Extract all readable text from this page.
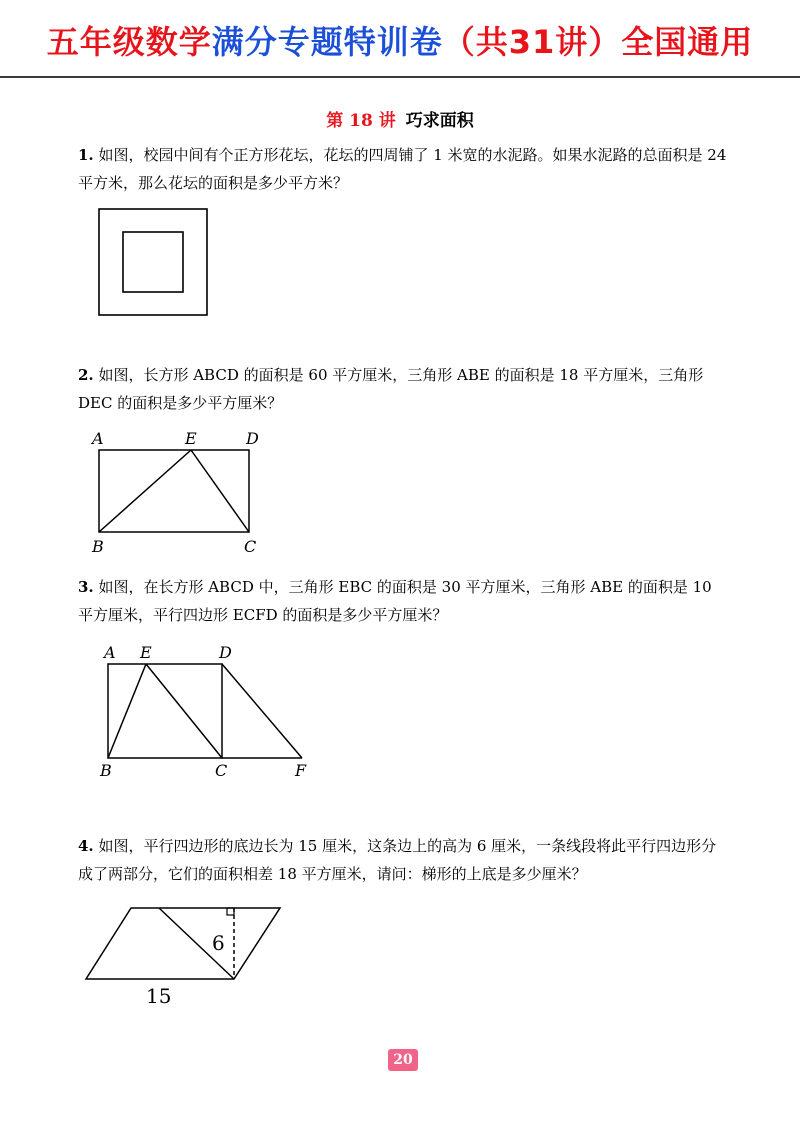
五年级数学满分专题特训卷（共31讲）全国通用
第 18 讲 巧求面积
1. 如图，校园中间有个正方形花坛，花坛的四周铺了 1 米宽的水泥路。如果水泥路的总面积是 24 平方米，那么花坛的面积是多少平方米？
2. 如图，长方形 ABCD 的面积是 60 平方厘米，三角形 ABE 的面积是 18 平方厘米，三角形 DEC 的面积是多少平方厘米？
A	E	D
B	C
3. 如图，在长方形 ABCD 中，三角形 EBC 的面积是 30 平方厘米，三角形 ABE 的面积是 10 平方厘米，平行四边形 ECFD 的面积是多少平方厘米？
A E	D
B	C	F
4. 如图，平行四边形的底边长为 15 厘米，这条边上的高为 6 厘米，一条线段将此平行四边形分成了两部分，它们的面积相差 18 平方厘米，请问：梯形的上底是多少厘米？
6
15
20
